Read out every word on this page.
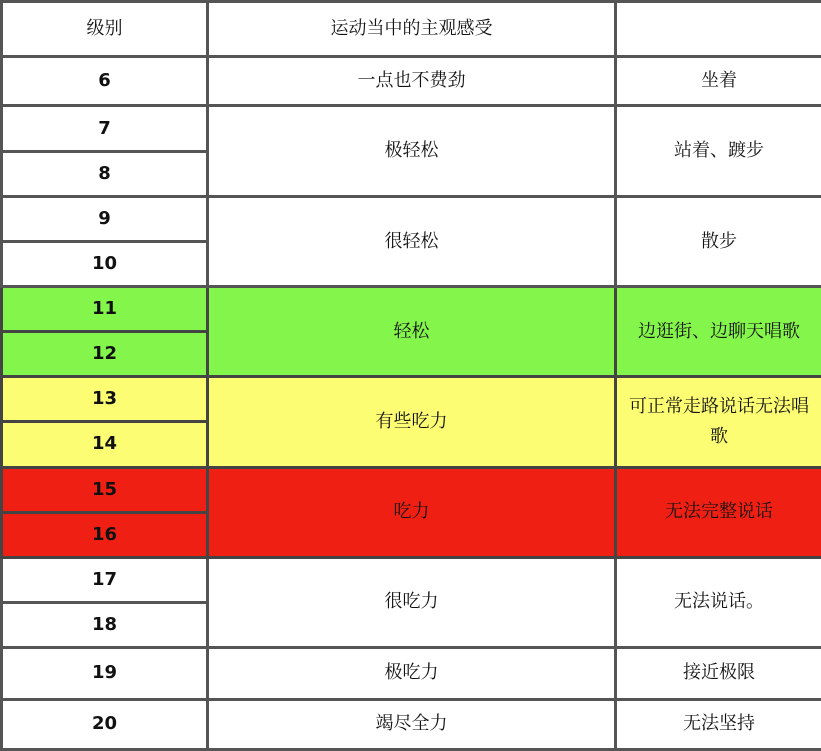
级别	运动当中的主观感受	
6	一点也不费劲	坐着
7	极轻松	站着、踱步
8		
9	很轻松	散步
10		
11	轻松	边逛街、边聊天唱歌
12		
13	有些吃力	可正常走路说话无法唱歌
14		
15	吃力	无法完整说话
16		
17	很吃力	无法说话。
18		
19	极吃力	接近极限
20	竭尽全力	无法坚持
